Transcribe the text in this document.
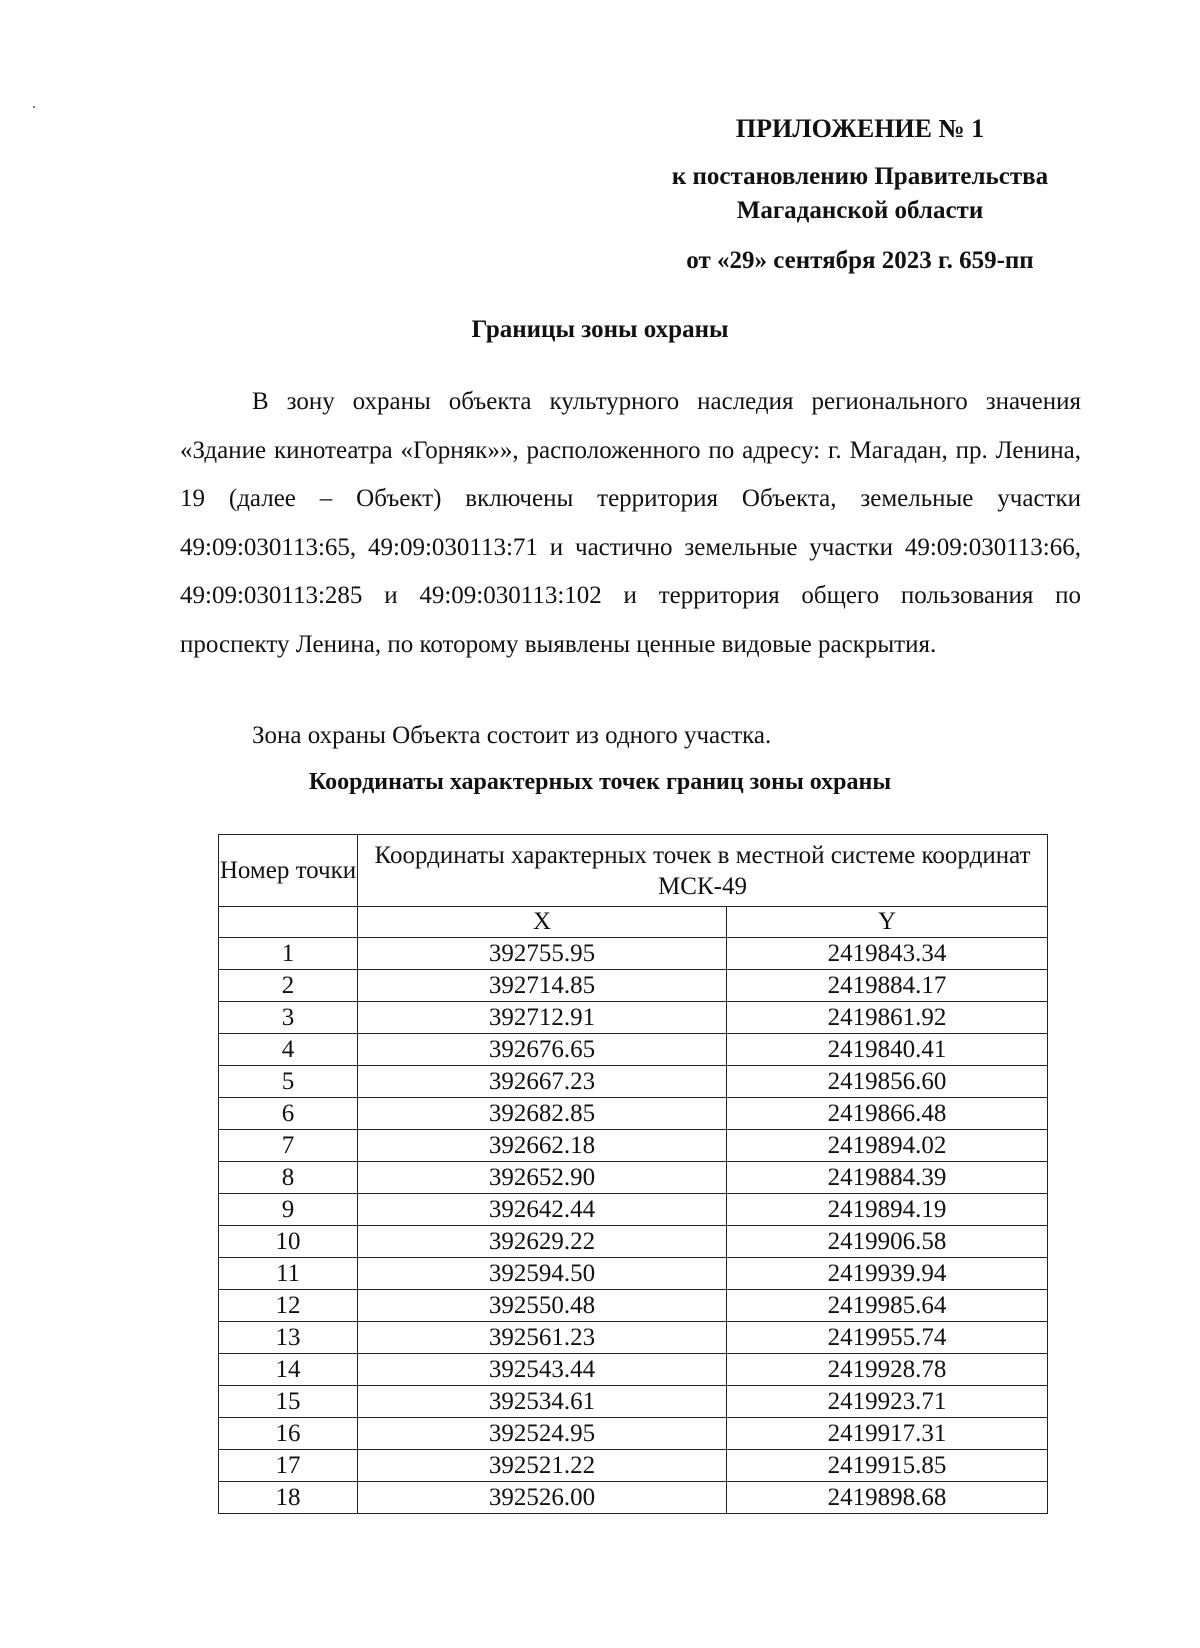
ПРИЛОЖЕНИЕ № 1

к постановлению Правительства

Магаданской области

от «29» сентября 2023 г. 659-пп

Границы зоны охраны

В зону охраны объекта культурного наследия регионального значения «Здание кинотеатра «Горняк»», расположенного по адресу: г. Магадан, пр. Ленина, 19 (далее – Объект) включены территория Объекта, земельные участки 49:09:030113:65, 49:09:030113:71 и частично земельные участки 49:09:030113:66, 49:09:030113:285 и 49:09:030113:102 и территория общего пользования по проспекту Ленина, по которому выявлены ценные видовые раскрытия.

Зона охраны Объекта состоит из одного участка.
Координаты характерных точек границ зоны охраны
Номер точки	Координаты характерных точек в местной системе координат МСК-49	
	X	Y
1	392755.95	2419843.34
2	392714.85	2419884.17
3	392712.91	2419861.92
4	392676.65	2419840.41
5	392667.23	2419856.60
6	392682.85	2419866.48
7	392662.18	2419894.02
8	392652.90	2419884.39
9	392642.44	2419894.19
10	392629.22	2419906.58
11	392594.50	2419939.94
12	392550.48	2419985.64
13	392561.23	2419955.74
14	392543.44	2419928.78
15	392534.61	2419923.71
16	392524.95	2419917.31
17	392521.22	2419915.85
18	392526.00	2419898.68
